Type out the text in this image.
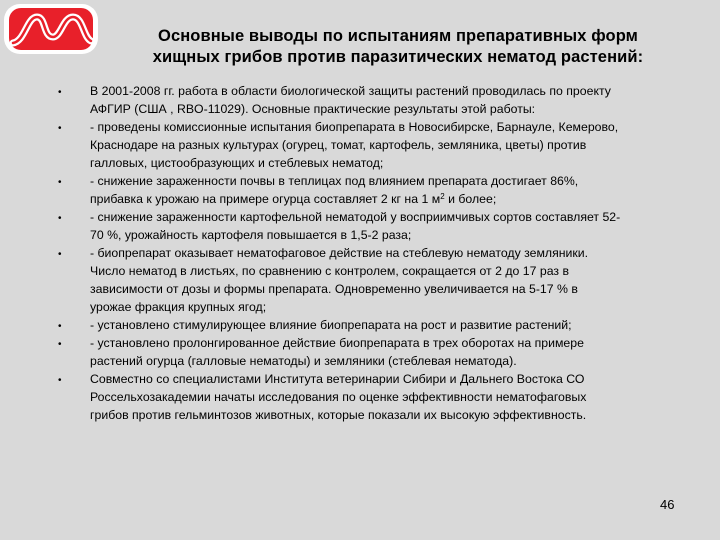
Основные выводы по испытаниям препаративных форм
хищных грибов против паразитических нематод растений:
•
•
•
•
•
•
•
•
В 2001-2008 гг. работа в области биологической защиты растений проводилась по проекту
АФГИР (США , RBO-11029). Основные практические результаты этой работы:
- проведены комиссионные испытания биопрепарата в Новосибирске, Барнауле, Кемерово,
Краснодаре на разных культурах (огурец, томат, картофель, земляника, цветы) против
галловых, цистообразующих и стеблевых нематод;
- снижение зараженности почвы в теплицах под влиянием препарата достигает 86%,
прибавка к урожаю на примере огурца составляет 2 кг на 1 $м^2$ и более;
- снижение зараженности картофельной нематодой у восприимчивых сортов составляет 52-
70 %, урожайность картофеля повышается в 1,5-2 раза;
- биопрепарат оказывает нематофаговое действие на стеблевую нематоду земляники.
Число нематод в листьях, по сравнению с контролем, сокращается от 2 до 17 раз в
зависимости от дозы и формы препарата. Одновременно увеличивается на 5-17 % в
урожае фракция крупных ягод;
- установлено стимулирующее влияние биопрепарата на рост и развитие растений;
- установлено пролонгированное действие биопрепарата в трех оборотах на примере
растений огурца (галловые нематоды) и земляники (стеблевая нематода).
Совместно со специалистами Института ветеринарии Сибири и Дальнего Востока СО
Россельхозакадемии начаты исследования по оценке эффективности нематофаговых
грибов против гельминтозов животных, которые показали их высокую эффективность.
46
